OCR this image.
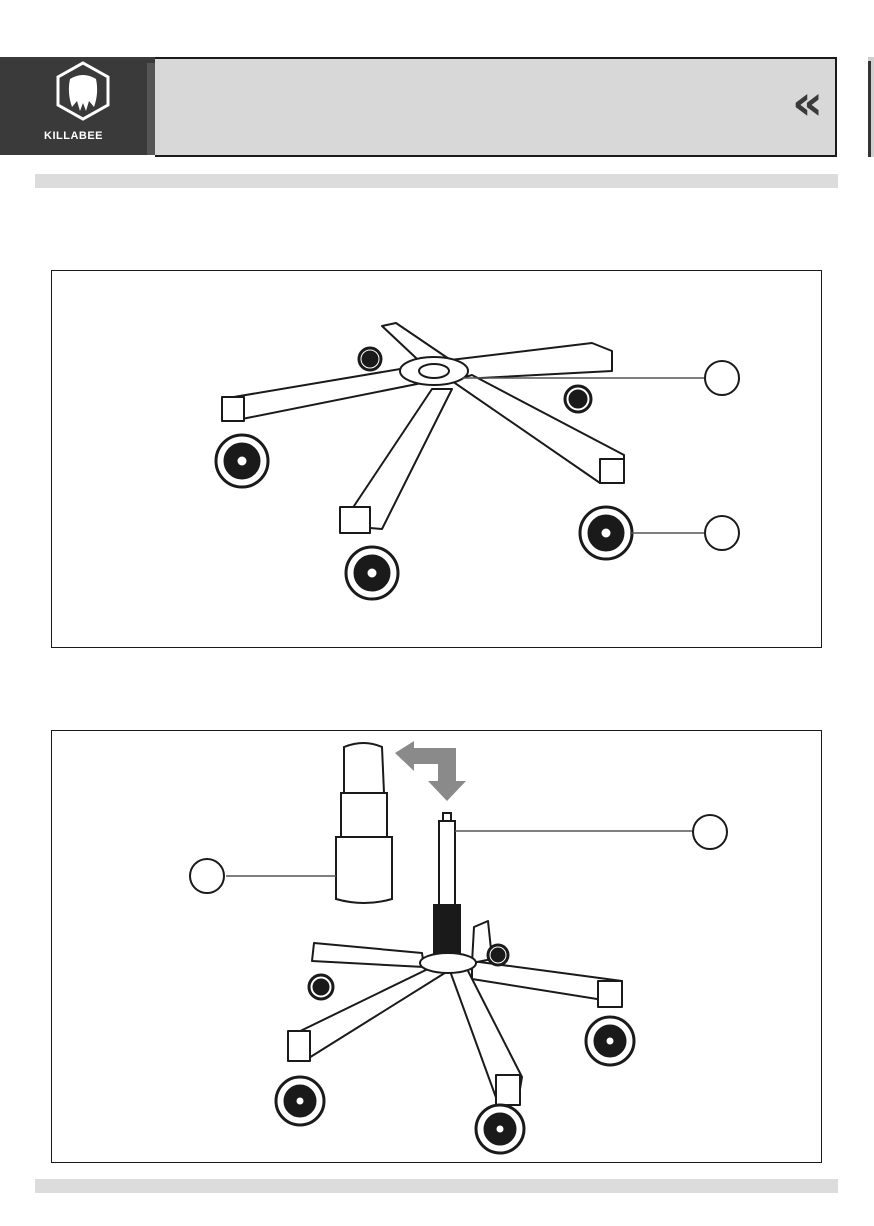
KILLABEE
«
